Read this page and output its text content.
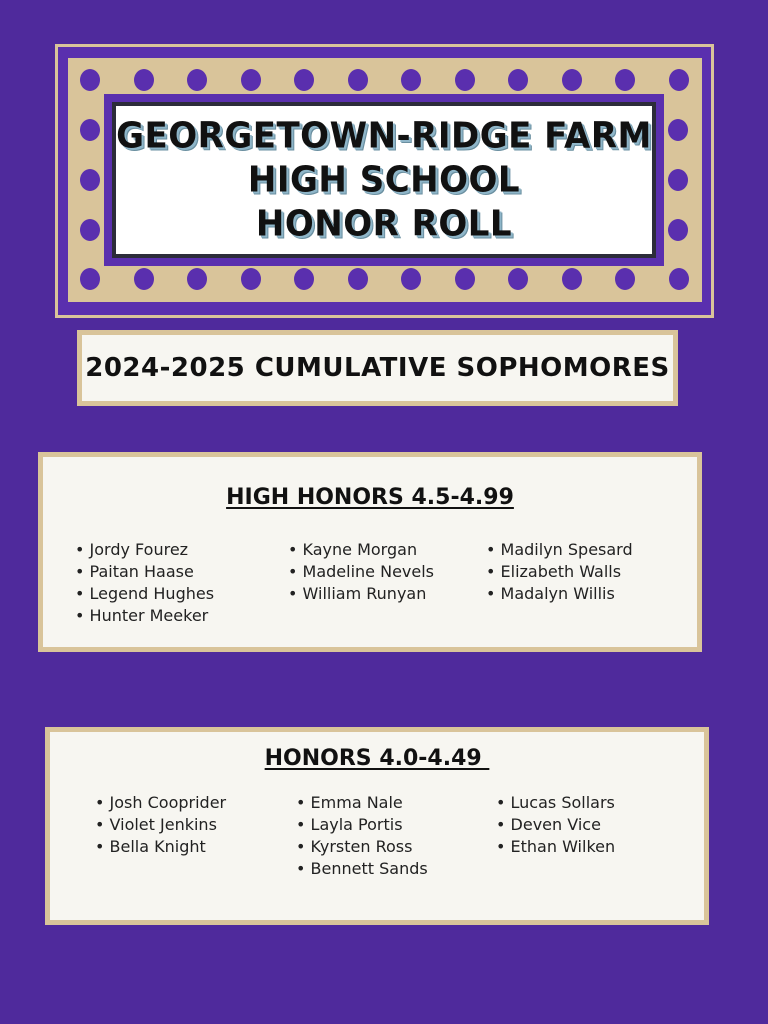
GEORGETOWN-RIDGE FARM
HIGH SCHOOL
HONOR ROLL
2024-2025 CUMULATIVE SOPHOMORES
HIGH HONORS 4.5-4.99
• Jordy Fourez
• Paitan Haase
• Legend Hughes
• Hunter Meeker
• Kayne Morgan
• Madeline Nevels
• William Runyan
• Madilyn Spesard
• Elizabeth Walls
• Madalyn Willis
HONORS 4.0-4.49
• Josh Cooprider
• Violet Jenkins
• Bella Knight
• Emma Nale
• Layla Portis
• Kyrsten Ross
• Bennett Sands
• Lucas Sollars
• Deven Vice
• Ethan Wilken
